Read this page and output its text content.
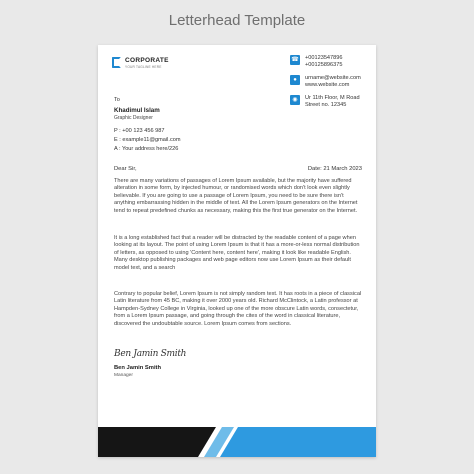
Letterhead Template
CORPORATE
YOUR TAGLINE HERE
☎ +00123547896
+00125896375
●	urname@website.com
www.website.com
◉	Ur 11th Floor, M Road
Street no. 12345
To
Khadimul Islam
Graphic Designer
P : +00 123 456 987
E : example11@gmail.com
A : Your address here/226
Dear Sir,	Date: 21 March 2023
There are many variations of passages of Lorem Ipsum available, but the majority have suffered alteration in some form, by injected humour, or randomised words which don't look even slightly believable. If you are going to use a passage of Lorem Ipsum, you need to be sure there isn't anything embarrassing hidden in the middle of text. All the Lorem Ipsum generators on the Internet tend to repeat predefined chunks as necessary, making this the first true generator on the Internet.
It is a long established fact that a reader will be distracted by the readable content of a page when looking at its layout. The point of using Lorem Ipsum is that it has a more-or-less normal distribution of letters, as opposed to using 'Content here, content here', making it look like readable English. Many desktop publishing packages and web page editors now use Lorem Ipsum as their default model text, and a search
Contrary to popular belief, Lorem Ipsum is not simply random text. It has roots in a piece of classical Latin literature from 45 BC, making it over 2000 years old. Richard McClintock, a Latin professor at Hampden-Sydney College in Virginia, looked up one of the more obscure Latin words, consectetur, from a Lorem Ipsum passage, and going through the cites of the word in classical literature, discovered the undoubtable source. Lorem Ipsum comes from sections.
Ben Jamin Smith
Ben Jamin Smith
Manager
